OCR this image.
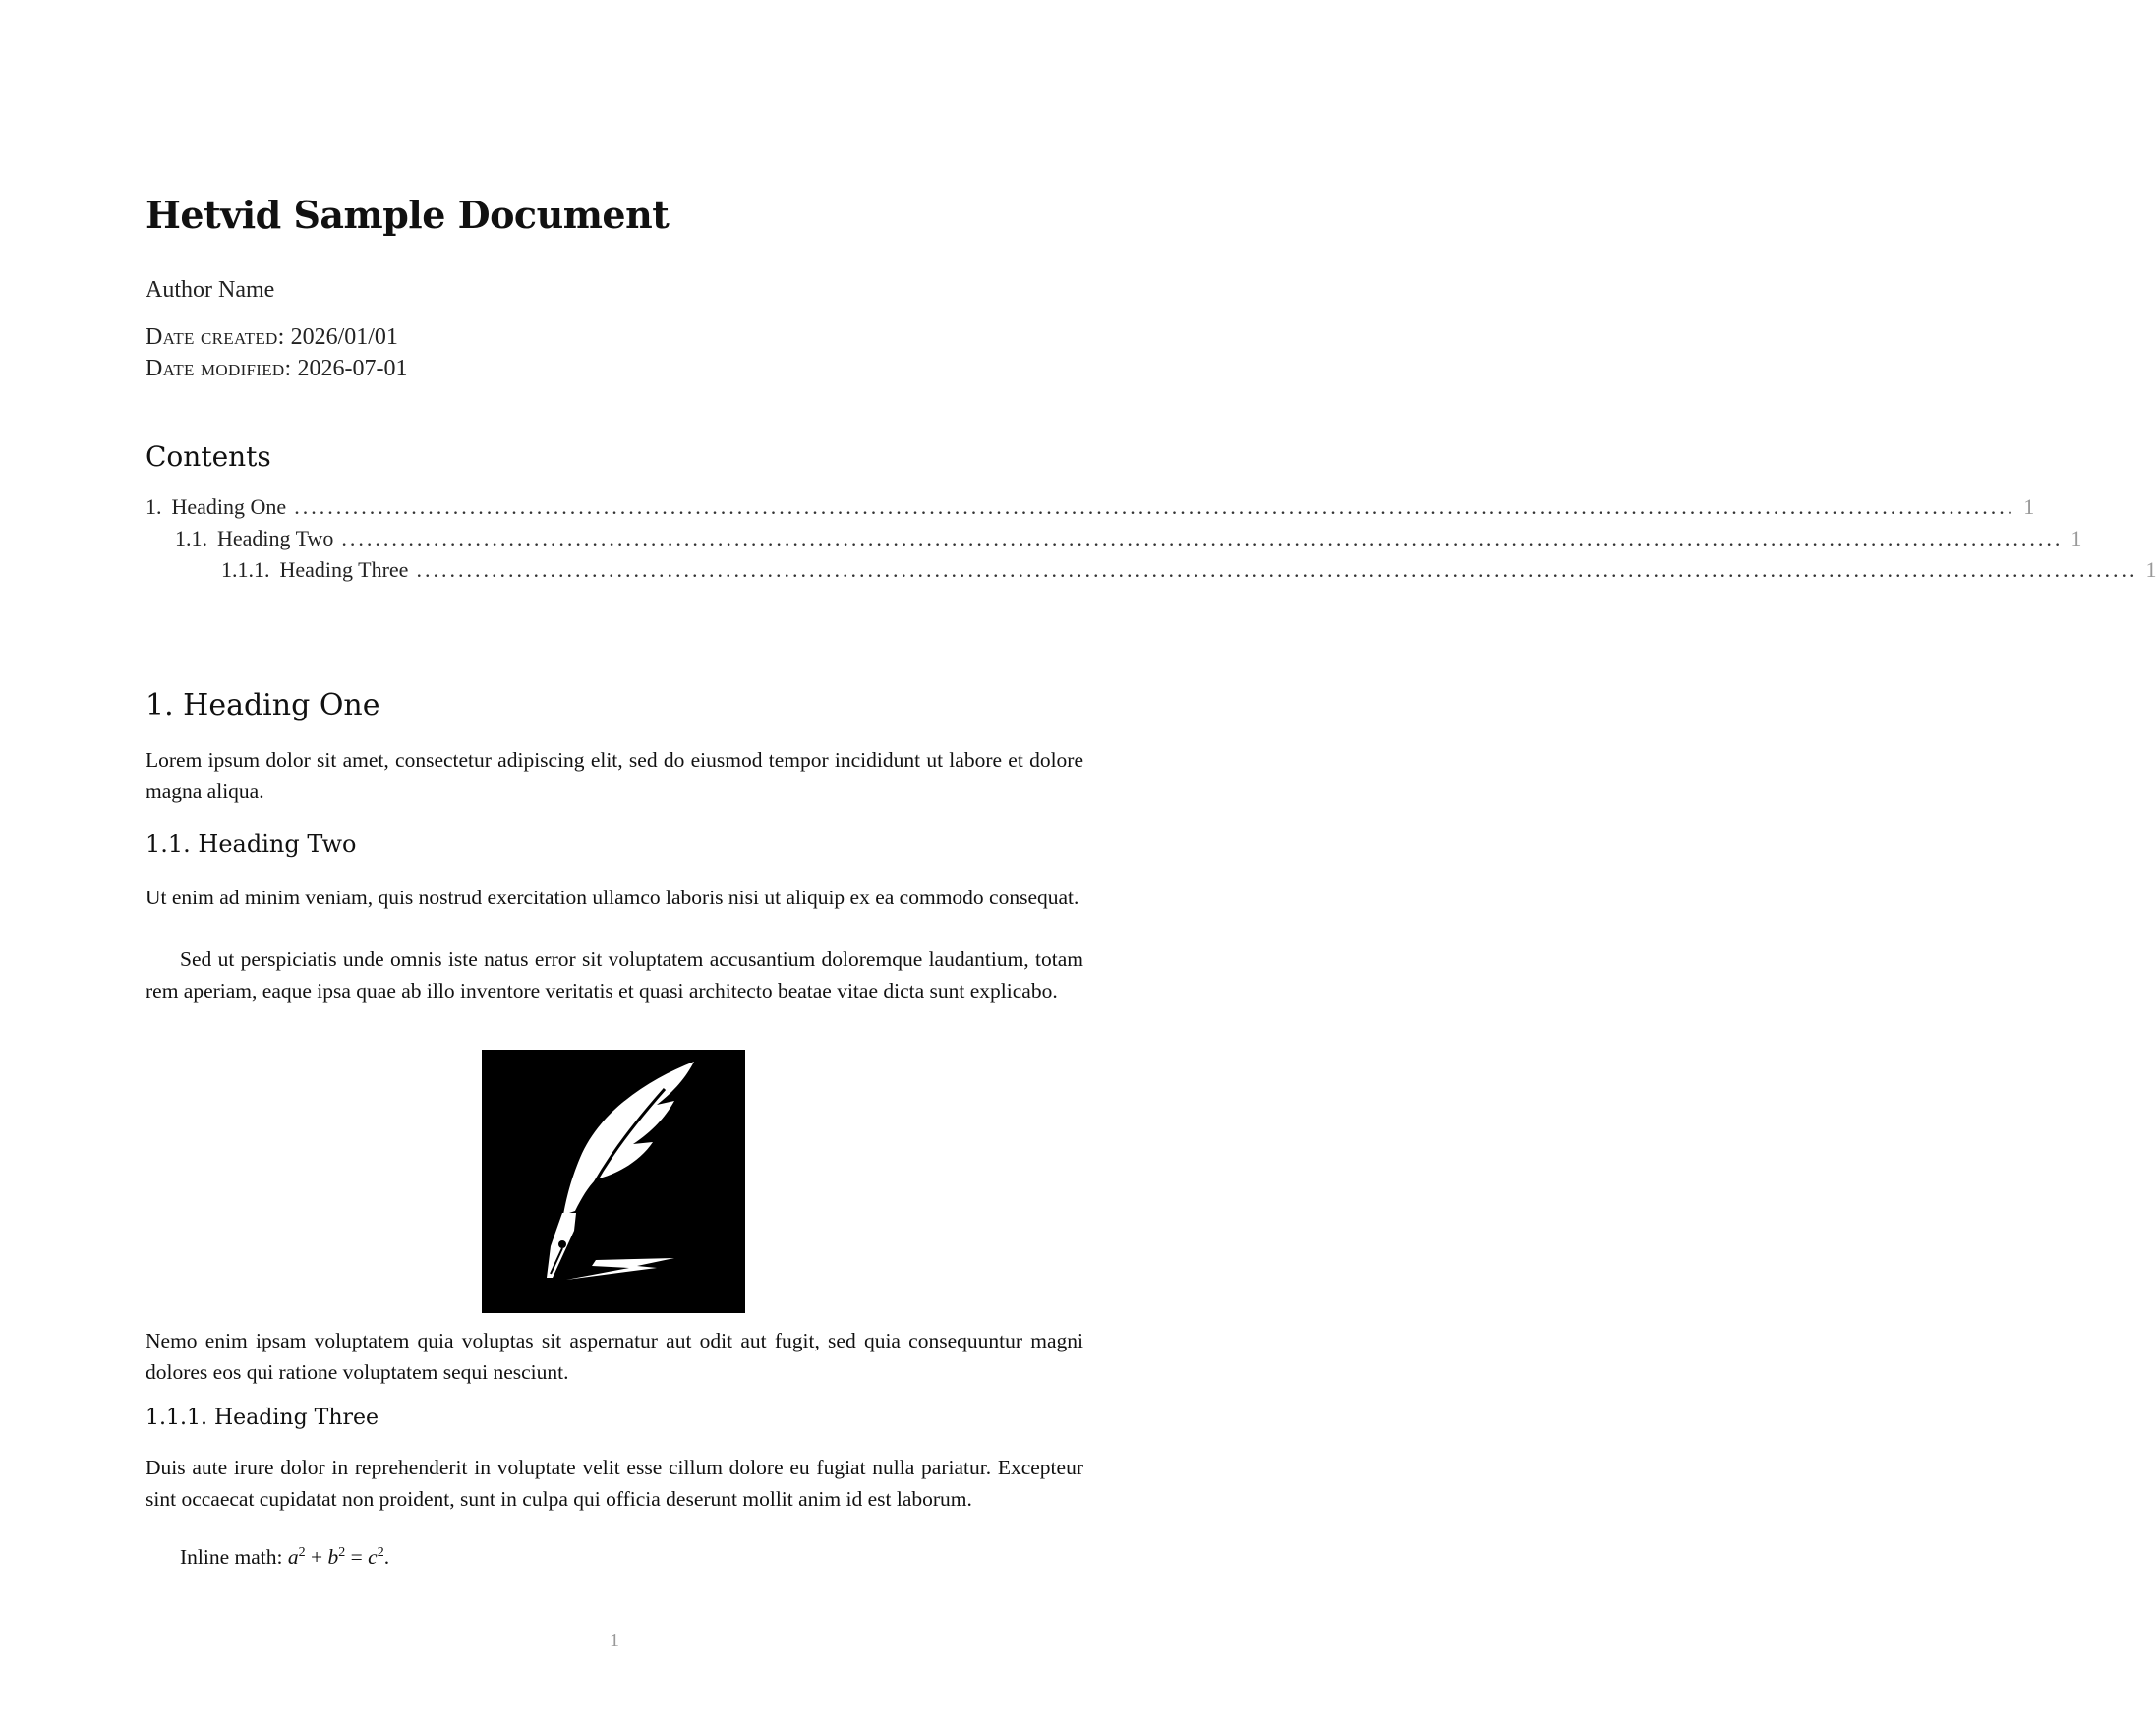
Hetvid Sample Document
Author Name
Date created: 2026/01/01
Date modified: 2026-07-01
Contents
1. Heading One .............................................................................................................................................................................................................. 1
1.1. Heading Two .............................................................................................................................................................................................................. 1
1.1.1. Heading Three .............................................................................................................................................................................................................. 1
1. Heading One

Lorem ipsum dolor sit amet, consectetur adipiscing elit, sed do eiusmod tempor incididunt ut labore et dolore magna aliqua.

1.1. Heading Two

Ut enim ad minim veniam, quis nostrud exercitation ullamco laboris nisi ut aliquip ex ea commodo consequat.

Sed ut perspiciatis unde omnis iste natus error sit voluptatem accusantium doloremque laudantium, totam rem aperiam, eaque ipsa quae ab illo inventore veritatis et quasi architecto beatae vitae dicta sunt explicabo.

Nemo enim ipsam voluptatem quia voluptas sit aspernatur aut odit aut fugit, sed quia consequuntur magni dolores eos qui ratione voluptatem sequi nesciunt.

1.1.1. Heading Three

Duis aute irure dolor in reprehenderit in voluptate velit esse cillum dolore eu fugiat nulla pariatur. Excepteur sint occaecat cupidatat non proident, sunt in culpa qui officia deserunt mollit anim id est laborum.

Inline math: $a^2 + b^2 = c^2$.
1
